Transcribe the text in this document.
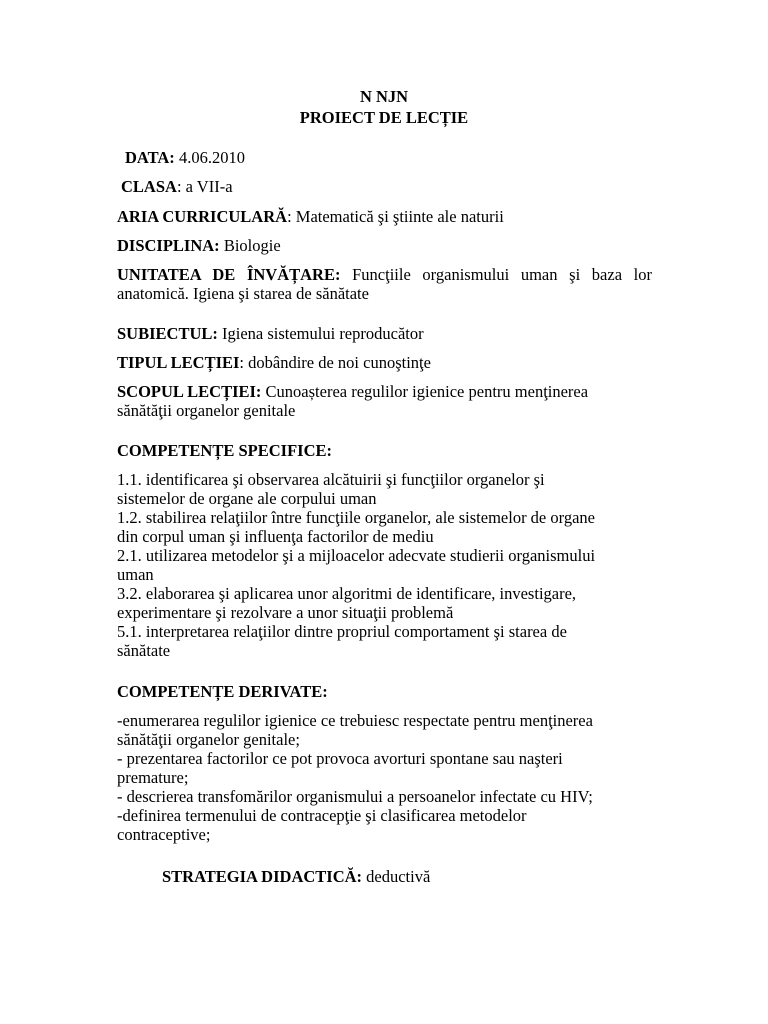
N NJN
PROIECT DE LECȚIE
DATA: 4.06.2010
CLASA: a VII-a
ARIA CURRICULARĂ: Matematică şi ştiinte ale naturii
DISCIPLINA: Biologie
UNITATEA DE ÎNVĂȚARE: Funcţiile organismului uman şi baza lor anatomică. Igiena şi starea de sănătate
SUBIECTUL: Igiena sistemului reproducător
TIPUL LECȚIEI: dobândire de noi cunoştinţe
SCOPUL LECȚIEI: Cunoașterea regulilor igienice pentru menţinerea sănătăţii organelor genitale
COMPETENȚE SPECIFICE:
1.1. identificarea şi observarea alcătuirii şi funcţiilor organelor şi
sistemelor de organe ale corpului uman
1.2. stabilirea relaţiilor între funcţiile organelor, ale sistemelor de organe
din corpul uman şi influenţa factorilor de mediu
2.1. utilizarea metodelor şi a mijloacelor adecvate studierii organismului
uman
3.2. elaborarea şi aplicarea unor algoritmi de identificare, investigare,
experimentare şi rezolvare a unor situaţii problemă
5.1. interpretarea relaţiilor dintre propriul comportament şi starea de
sănătate
COMPETENȚE DERIVATE:
-enumerarea regulilor igienice ce trebuiesc respectate pentru menţinerea
sănătăţii organelor genitale;
- prezentarea factorilor ce pot provoca avorturi spontane sau naşteri
premature;
- descrierea transfomărilor organismului a persoanelor infectate cu HIV;
-definirea termenului de contracepţie şi clasificarea metodelor
contraceptive;
STRATEGIA DIDACTICĂ: deductivă
